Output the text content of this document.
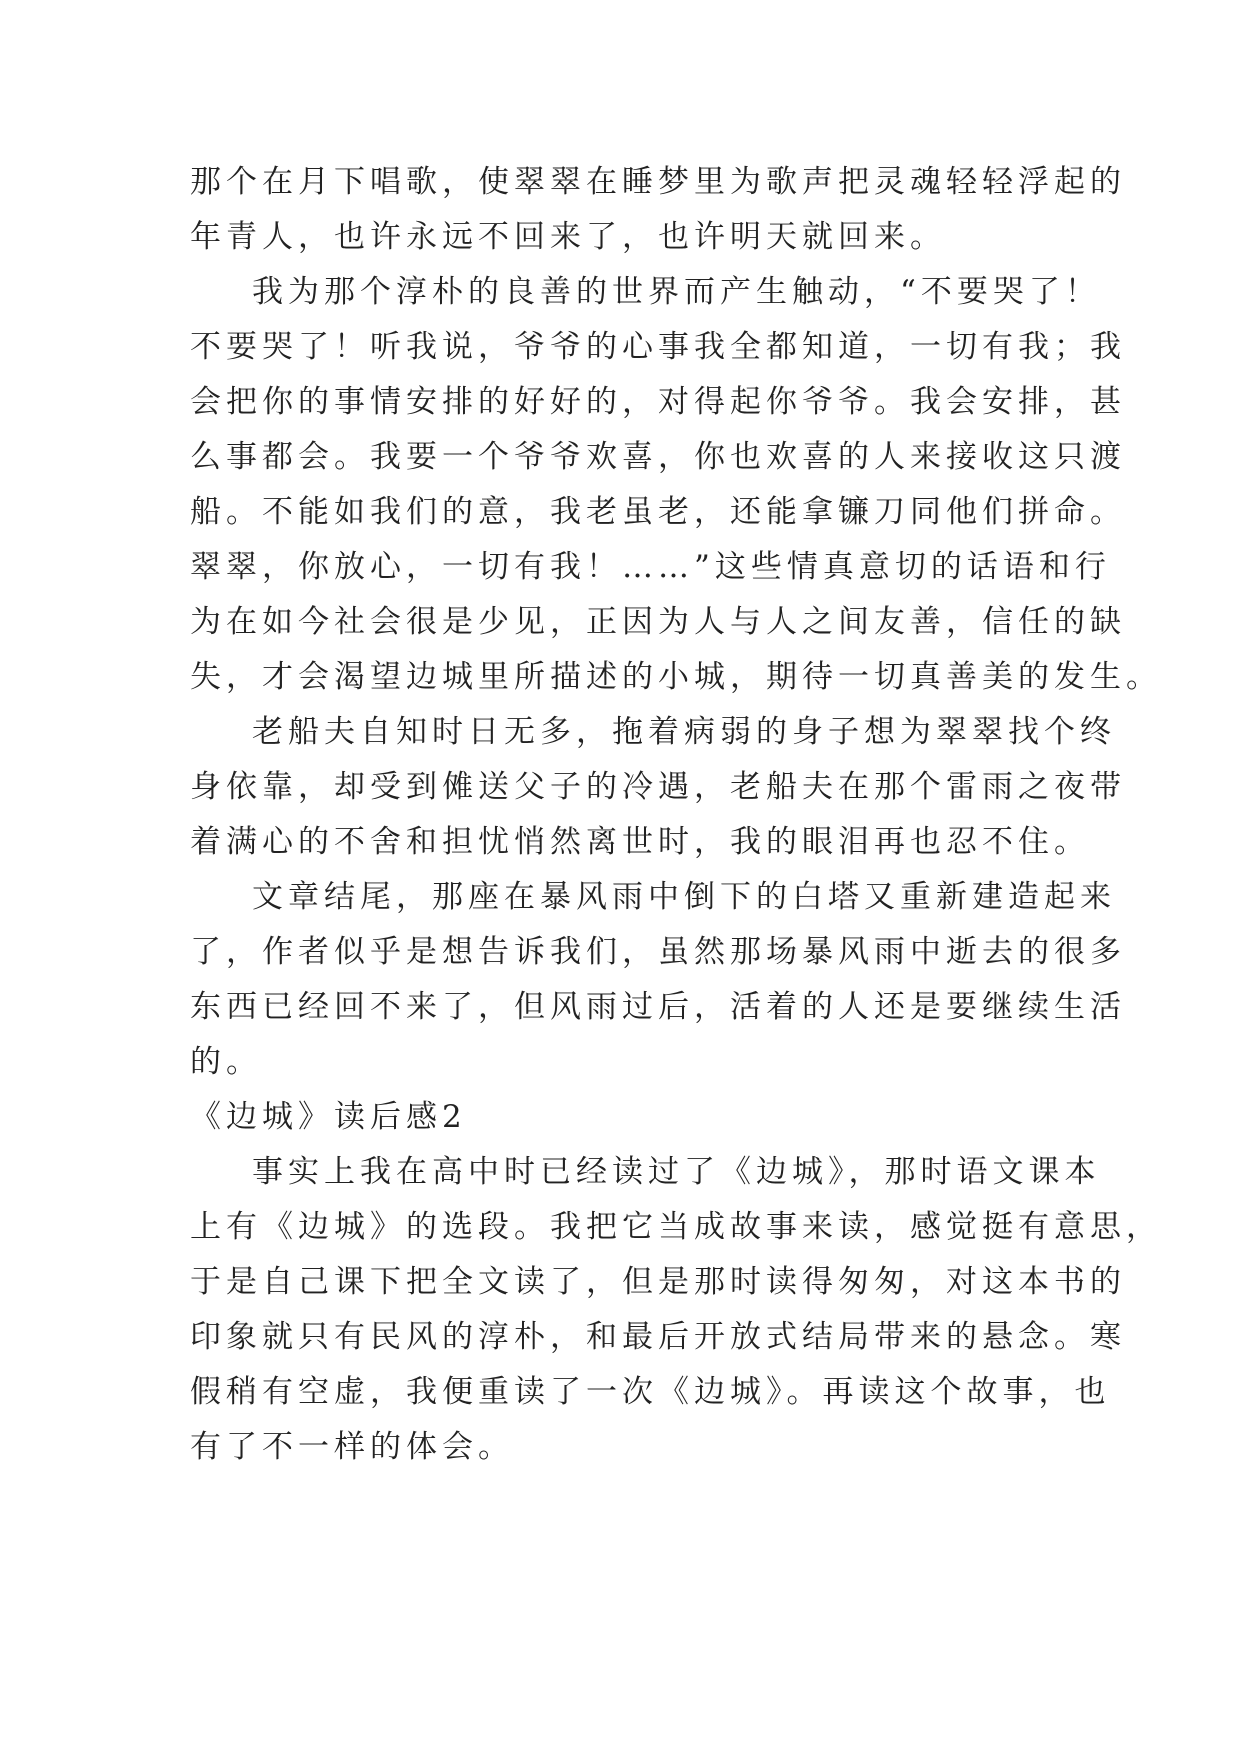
那个在月下唱歌，使翠翠在睡梦里为歌声把灵魂轻轻浮起的
年青人，也许永远不回来了，也许明天就回来。
我为那个淳朴的良善的世界而产生触动，“不要哭了！
不要哭了！听我说，爷爷的心事我全都知道，一切有我；我
会把你的事情安排的好好的，对得起你爷爷。我会安排，甚
么事都会。我要一个爷爷欢喜，你也欢喜的人来接收这只渡
船。不能如我们的意，我老虽老，还能拿镰刀同他们拼命。
翠翠，你放心，一切有我！……”这些情真意切的话语和行
为在如今社会很是少见，正因为人与人之间友善，信任的缺
失，才会渴望边城里所描述的小城，期待一切真善美的发生。
老船夫自知时日无多，拖着病弱的身子想为翠翠找个终
身依靠，却受到傩送父子的冷遇，老船夫在那个雷雨之夜带
着满心的不舍和担忧悄然离世时，我的眼泪再也忍不住。
文章结尾，那座在暴风雨中倒下的白塔又重新建造起来
了，作者似乎是想告诉我们，虽然那场暴风雨中逝去的很多
东西已经回不来了，但风雨过后，活着的人还是要继续生活
的。
《边城》读后感2
事实上我在高中时已经读过了《边城》，那时语文课本
上有《边城》的选段。我把它当成故事来读，感觉挺有意思，
于是自己课下把全文读了，但是那时读得匆匆，对这本书的
印象就只有民风的淳朴，和最后开放式结局带来的悬念。寒
假稍有空虚，我便重读了一次《边城》。再读这个故事，也
有了不一样的体会。
